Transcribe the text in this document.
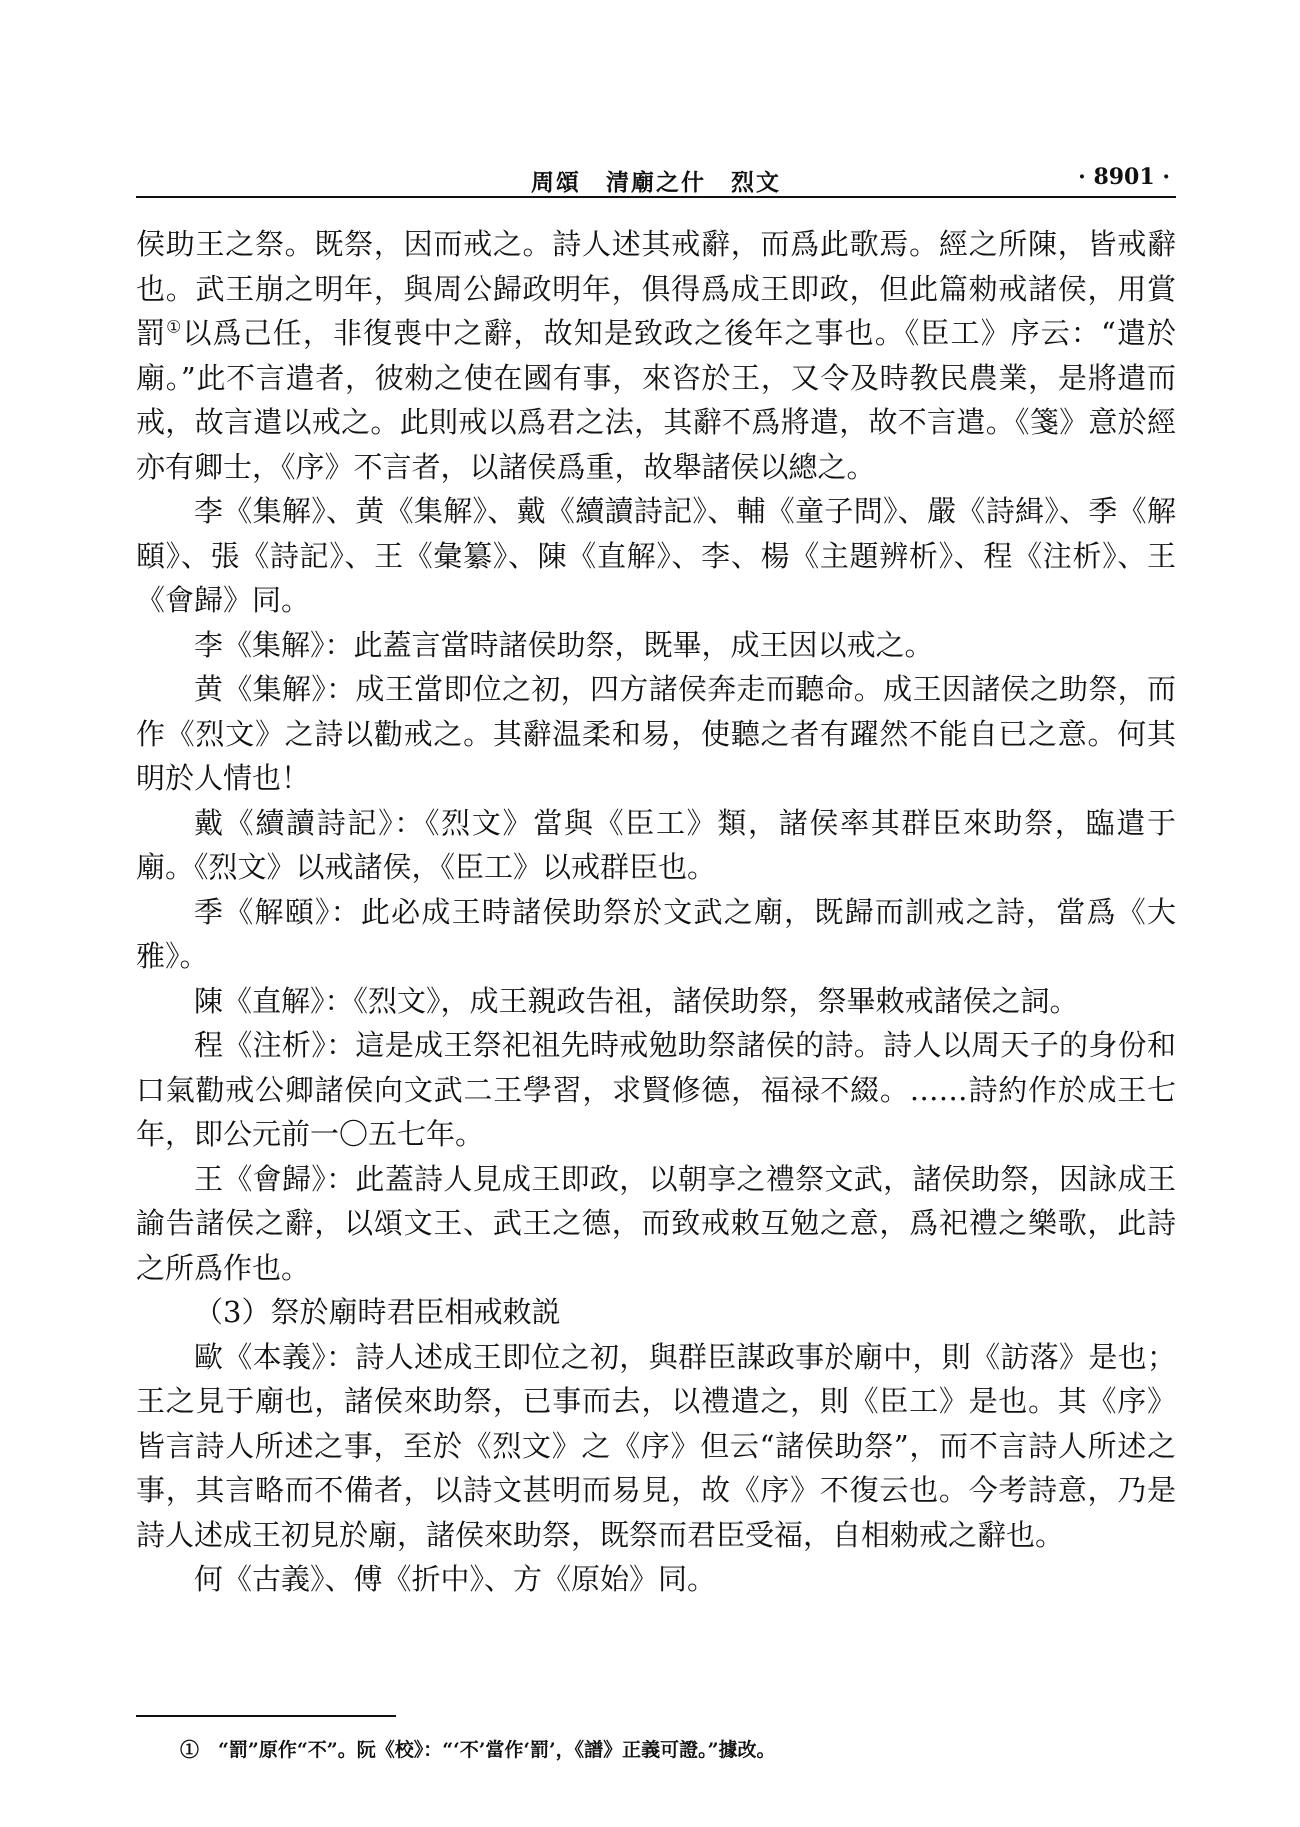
周頌　清廟之什　烈文	· 8901 ·

侯助王之祭。既祭，因而戒之。詩人述其戒辭，而爲此歌焉。經之所陳，皆戒辭也。武王崩之明年，與周公歸政明年，俱得爲成王即政，但此篇勑戒諸侯，用賞罰①以爲己任，非復喪中之辭，故知是致政之後年之事也。《臣工》序云：“遣於廟。”此不言遣者，彼勑之使在國有事，來咨於王，又令及時教民農業，是將遣而戒，故言遣以戒之。此則戒以爲君之法，其辭不爲將遣，故不言遣。《箋》意於經亦有卿士，《序》不言者，以諸侯爲重，故舉諸侯以總之。

李《集解》、黄《集解》、戴《續讀詩記》、輔《童子問》、嚴《詩緝》、季《解頤》、張《詩記》、王《彙纂》、陳《直解》、李、楊《主題辨析》、程《注析》、王《會歸》同。

李《集解》：此蓋言當時諸侯助祭，既畢，成王因以戒之。

黄《集解》：成王當即位之初，四方諸侯奔走而聽命。成王因諸侯之助祭，而作《烈文》之詩以勸戒之。其辭温柔和易，使聽之者有躍然不能自已之意。何其明於人情也！

戴《續讀詩記》：《烈文》當與《臣工》類，諸侯率其群臣來助祭，臨遣于廟。《烈文》以戒諸侯，《臣工》以戒群臣也。

季《解頤》：此必成王時諸侯助祭於文武之廟，既歸而訓戒之詩，當爲《大雅》。

陳《直解》：《烈文》，成王親政告祖，諸侯助祭，祭畢敕戒諸侯之詞。

程《注析》：這是成王祭祀祖先時戒勉助祭諸侯的詩。詩人以周天子的身份和口氣勸戒公卿諸侯向文武二王學習，求賢修德，福禄不綴。……詩約作於成王七年，即公元前一〇五七年。

王《會歸》：此蓋詩人見成王即政，以朝享之禮祭文武，諸侯助祭，因詠成王諭告諸侯之辭，以頌文王、武王之德，而致戒敕互勉之意，爲祀禮之樂歌，此詩之所爲作也。

（3）祭於廟時君臣相戒敕説

歐《本義》：詩人述成王即位之初，與群臣謀政事於廟中，則《訪落》是也；王之見于廟也，諸侯來助祭，已事而去，以禮遣之，則《臣工》是也。其《序》皆言詩人所述之事，至於《烈文》之《序》但云“諸侯助祭”，而不言詩人所述之事，其言略而不備者，以詩文甚明而易見，故《序》不復云也。今考詩意，乃是詩人述成王初見於廟，諸侯來助祭，既祭而君臣受福，自相勑戒之辭也。

何《古義》、傅《折中》、方《原始》同。

①　“罰”原作“不”。阮《校》：“‘不’當作‘罰’，《譜》正義可證。”據改。
